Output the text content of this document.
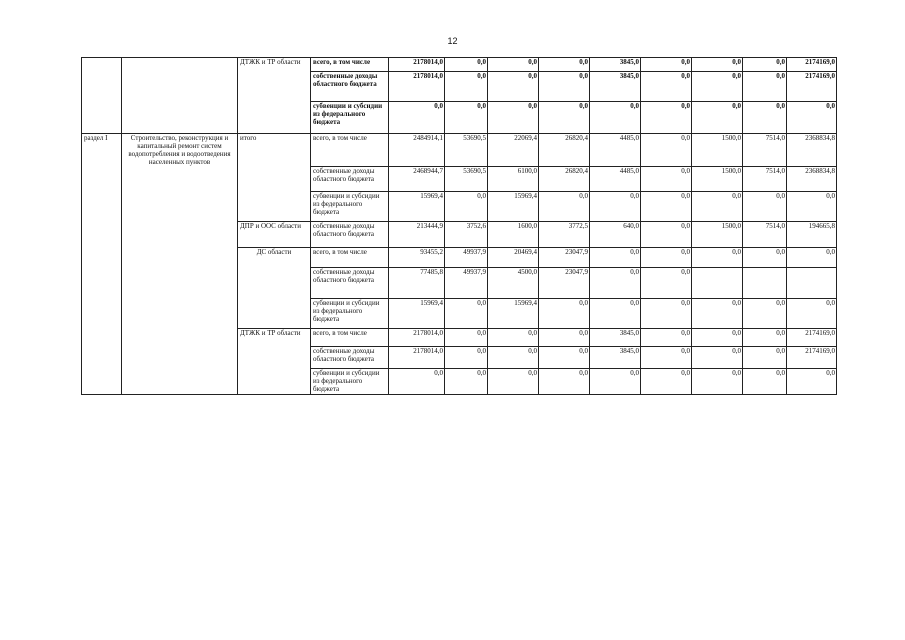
12
		ДТЖК и ТР области	всего, в том числе	2178014,0	0,0	0,0	0,0	3845,0	0,0	0,0	0,0	2174169,0
			собственные доходы областного бюджета	2178014,0	0,0	0,0	0,0	3845,0	0,0	0,0	0,0	2174169,0
			субвенции и субсидии из федерального бюджета	0,0	0,0	0,0	0,0	0,0	0,0	0,0	0,0	0,0
раздел I	Строительство, реконструкция и капитальный ремонт систем водопотребления и водоотведения населенных пунктов	итого	всего, в том числе	2484914,1	53690,5	22069,4	26820,4	4485,0	0,0	1500,0	7514,0	2368834,8
			собственные доходы областного бюджета	2468944,7	53690,5	6100,0	26820,4	4485,0	0,0	1500,0	7514,0	2368834,8
			субвенции и субсидии из федерального бюджета	15969,4	0,0	15969,4	0,0	0,0	0,0	0,0	0,0	0,0
		ДПР и ООС области	собственные доходы областного бюджета	213444,9	3752,6	1600,0	3772,5	640,0	0,0	1500,0	7514,0	194665,8
		ДС области	всего, в том числе	93455,2	49937,9	20469,4	23047,9	0,0	0,0	0,0	0,0	0,0
			собственные доходы областного бюджета	77485,8	49937,9	4500,0	23047,9	0,0	0,0			
			субвенции и субсидии из федерального бюджета	15969,4	0,0	15969,4	0,0	0,0	0,0	0,0	0,0	0,0
		ДТЖК и ТР области	всего, в том числе	2178014,0	0,0	0,0	0,0	3845,0	0,0	0,0	0,0	2174169,0
			собственные доходы областного бюджета	2178014,0	0,0	0,0	0,0	3845,0	0,0	0,0	0,0	2174169,0
			субвенции и субсидии из федерального бюджета	0,0	0,0	0,0	0,0	0,0	0,0	0,0	0,0	0,0
